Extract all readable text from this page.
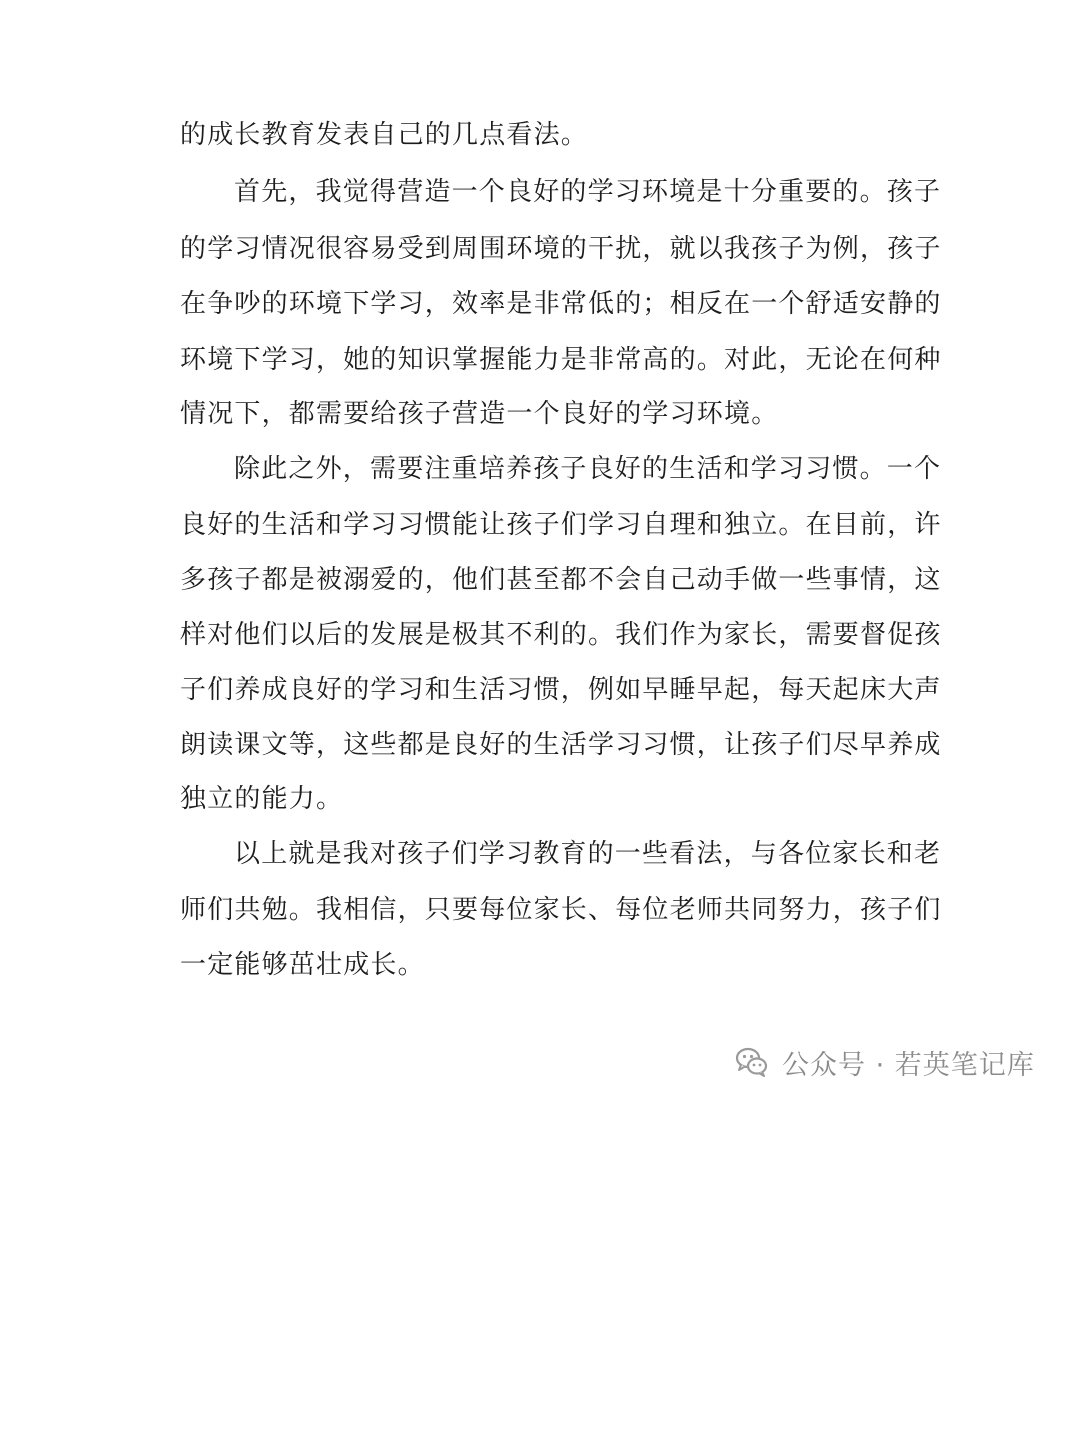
的成长教育发表自己的几点看法。
首先，我觉得营造一个良好的学习环境是十分重要的。孩子
的学习情况很容易受到周围环境的干扰，就以我孩子为例，孩子
在争吵的环境下学习，效率是非常低的；相反在一个舒适安静的
环境下学习，她的知识掌握能力是非常高的。对此，无论在何种
情况下，都需要给孩子营造一个良好的学习环境。
除此之外，需要注重培养孩子良好的生活和学习习惯。一个
良好的生活和学习习惯能让孩子们学习自理和独立。在目前，许
多孩子都是被溺爱的，他们甚至都不会自己动手做一些事情，这
样对他们以后的发展是极其不利的。我们作为家长，需要督促孩
子们养成良好的学习和生活习惯，例如早睡早起，每天起床大声
朗读课文等，这些都是良好的生活学习习惯，让孩子们尽早养成
独立的能力。
以上就是我对孩子们学习教育的一些看法，与各位家长和老
师们共勉。我相信，只要每位家长、每位老师共同努力，孩子们
一定能够茁壮成长。
公众号 · 若英笔记库
